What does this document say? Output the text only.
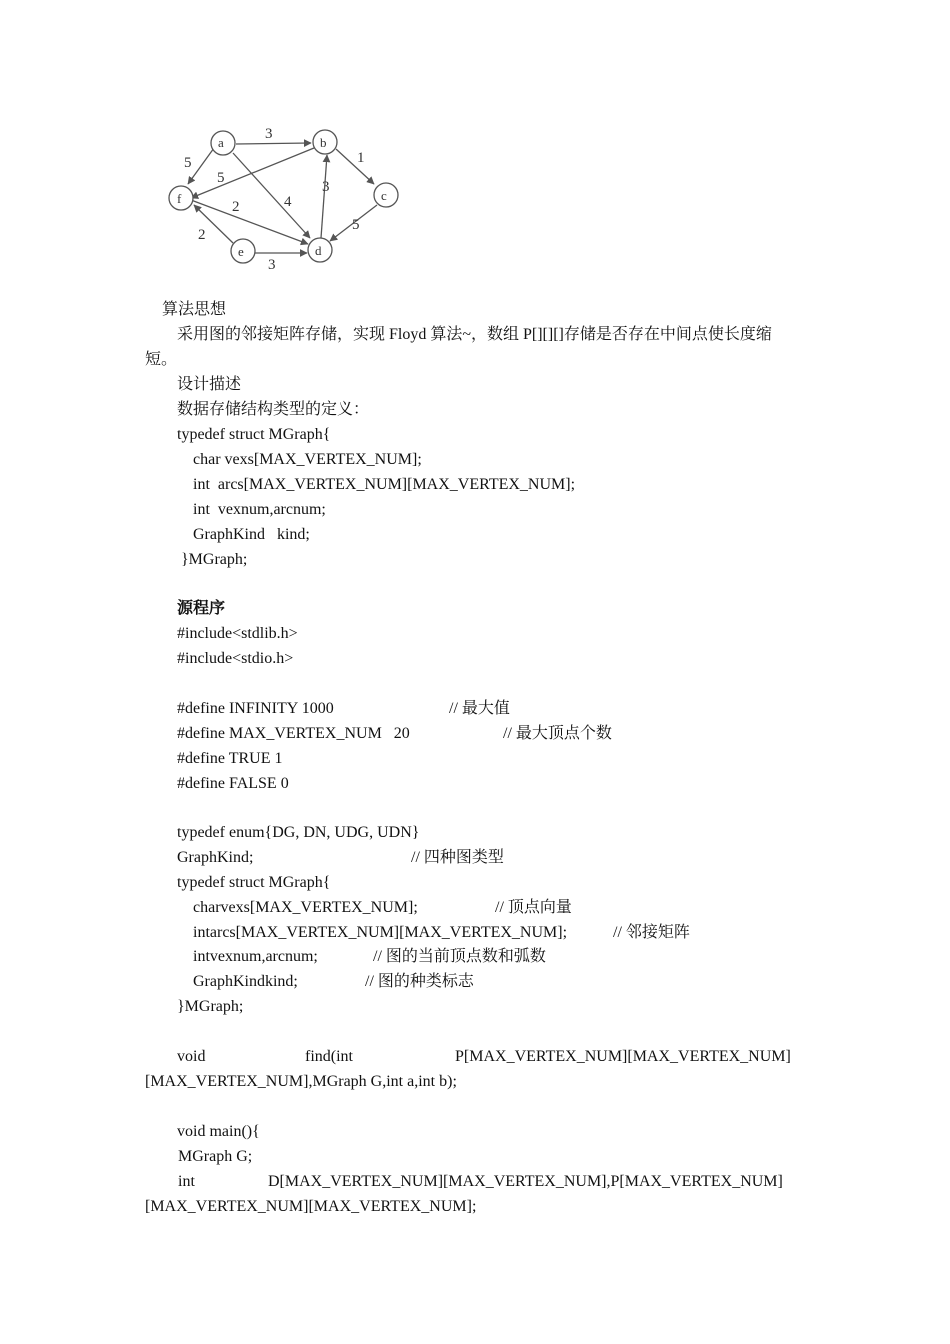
a	b
c
d
e
f
3
5
5
4
1
3
2
5
2
3
算法思想
采用图的邻接矩阵存储，实现 Floyd 算法~，数组 P[][][]存储是否存在中间点使长度缩
短。
设计描述
数据存储结构类型的定义：
typedef struct MGraph{
char vexs[MAX_VERTEX_NUM];
int  arcs[MAX_VERTEX_NUM][MAX_VERTEX_NUM];
int  vexnum,arcnum;
GraphKind   kind;
}MGraph;
源程序
#include<stdlib.h>
#include<stdio.h>
#define INFINITY 1000	// 最大值
#define MAX_VERTEX_NUM   20	// 最大顶点个数
#define TRUE 1
#define FALSE 0
typedef enum{DG, DN, UDG, UDN}
GraphKind;	// 四种图类型
typedef struct MGraph{
charvexs[MAX_VERTEX_NUM];	// 顶点向量
intarcs[MAX_VERTEX_NUM][MAX_VERTEX_NUM];	// 邻接矩阵
intvexnum,arcnum;	// 图的当前顶点数和弧数
GraphKindkind;	// 图的种类标志
}MGraph;
void	find(int	P[MAX_VERTEX_NUM][MAX_VERTEX_NUM]
[MAX_VERTEX_NUM],MGraph G,int a,int b);
void main(){
MGraph G;
int	D[MAX_VERTEX_NUM][MAX_VERTEX_NUM],P[MAX_VERTEX_NUM]
[MAX_VERTEX_NUM][MAX_VERTEX_NUM];
